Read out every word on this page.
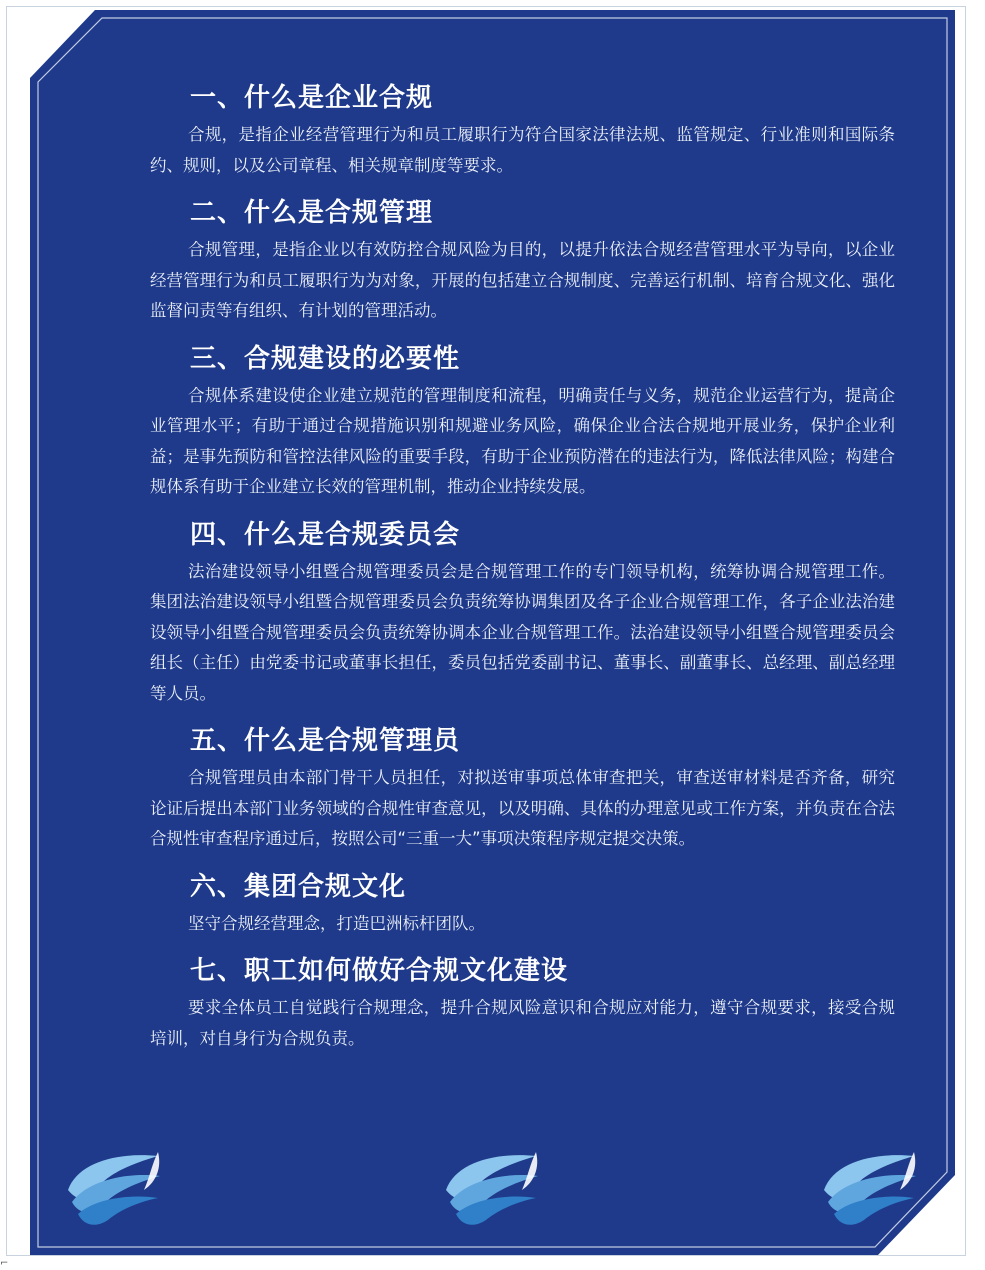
一、什么是企业合规

合规，是指企业经营管理行为和员工履职行为符合国家法律法规、监管规定、行业准则和国际条约、规则，以及公司章程、相关规章制度等要求。

二、什么是合规管理

合规管理，是指企业以有效防控合规风险为目的，以提升依法合规经营管理水平为导向，以企业经营管理行为和员工履职行为为对象，开展的包括建立合规制度、完善运行机制、培育合规文化、强化监督问责等有组织、有计划的管理活动。

三、合规建设的必要性

合规体系建设使企业建立规范的管理制度和流程，明确责任与义务，规范企业运营行为，提高企业管理水平；有助于通过合规措施识别和规避业务风险，确保企业合法合规地开展业务，保护企业利益；是事先预防和管控法律风险的重要手段，有助于企业预防潜在的违法行为，降低法律风险；构建合规体系有助于企业建立长效的管理机制，推动企业持续发展。

四、什么是合规委员会

法治建设领导小组暨合规管理委员会是合规管理工作的专门领导机构，统筹协调合规管理工作。集团法治建设领导小组暨合规管理委员会负责统筹协调集团及各子企业合规管理工作，各子企业法治建设领导小组暨合规管理委员会负责统筹协调本企业合规管理工作。法治建设领导小组暨合规管理委员会组长（主任）由党委书记或董事长担任，委员包括党委副书记、董事长、副董事长、总经理、副总经理等人员。

五、什么是合规管理员

合规管理员由本部门骨干人员担任，对拟送审事项总体审查把关，审查送审材料是否齐备，研究论证后提出本部门业务领域的合规性审查意见，以及明确、具体的办理意见或工作方案，并负责在合法合规性审查程序通过后，按照公司“三重一大”事项决策程序规定提交决策。

六、集团合规文化

坚守合规经营理念，打造巴洲标杆团队。

七、职工如何做好合规文化建设

要求全体员工自觉践行合规理念，提升合规风险意识和合规应对能力，遵守合规要求，接受合规培训，对自身行为合规负责。

⌐
